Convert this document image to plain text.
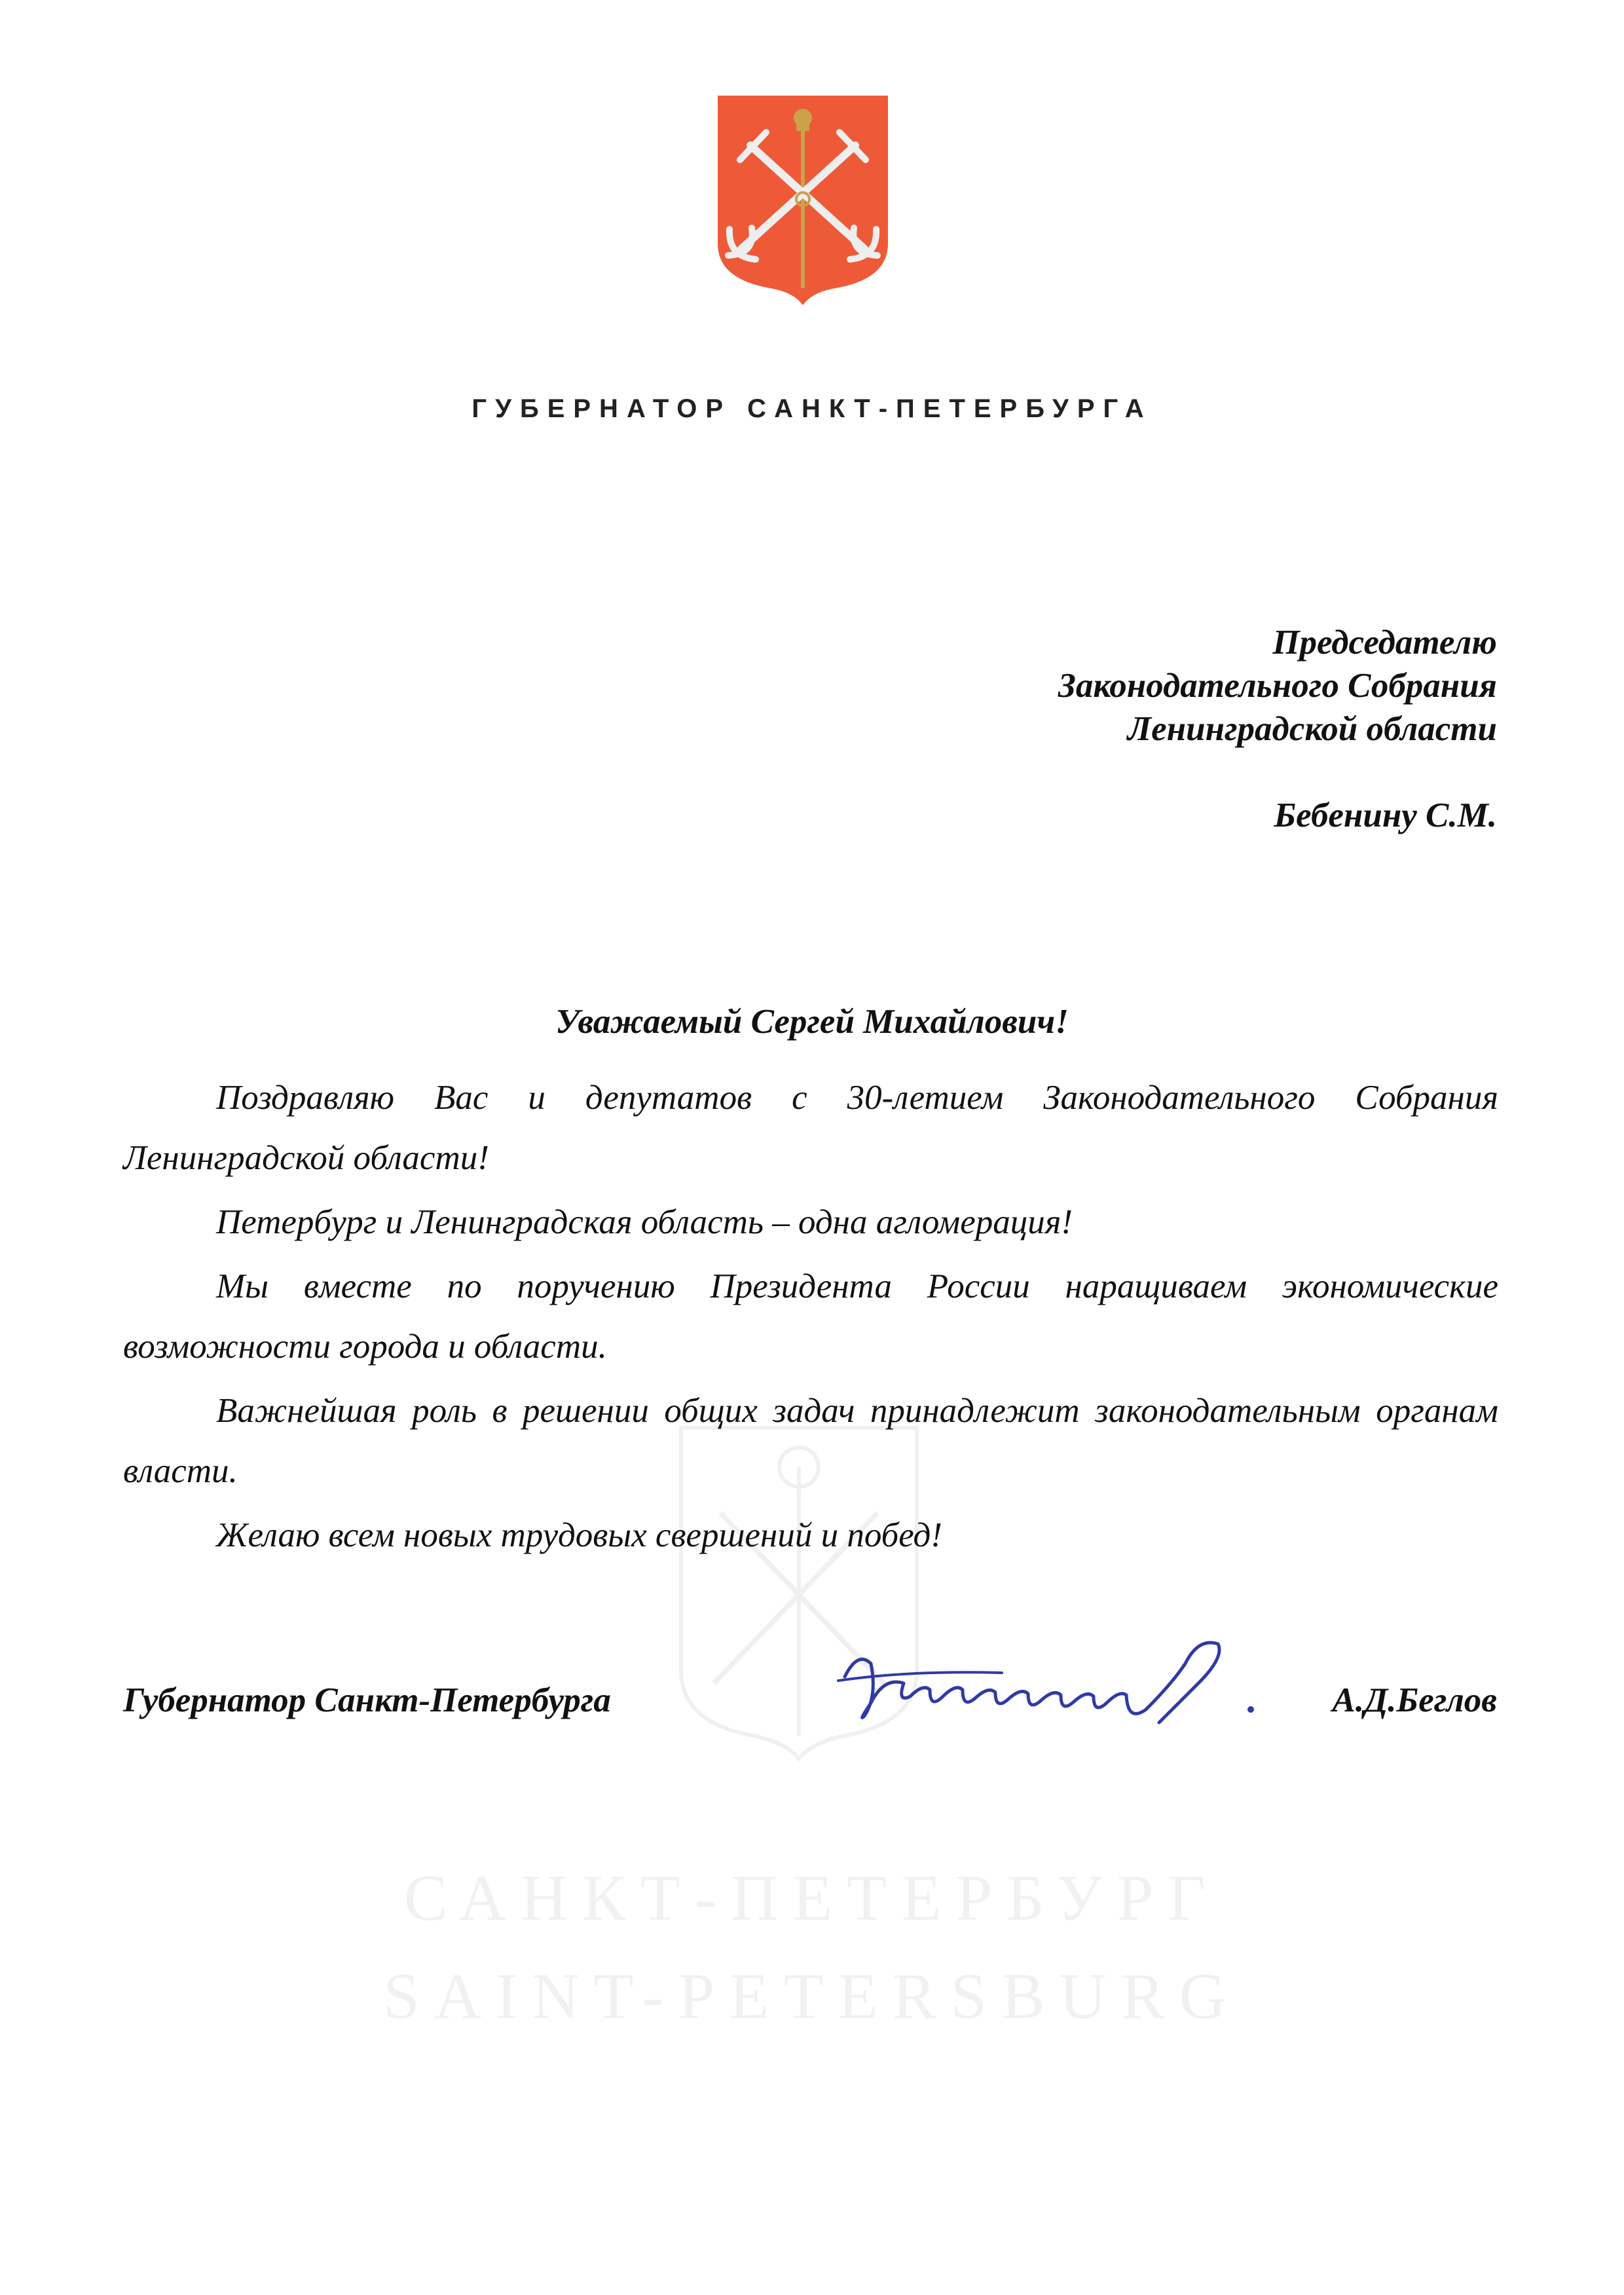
ГУБЕРНАТОР САНКТ-ПЕТЕРБУРГА
Председателю
Законодательного Собрания
Ленинградской области
Бебенину С.М.
САНКТ-ПЕТЕРБУРГ
SAINT-PETERSBURG
Уважаемый Сергей Михайлович!

Поздравляю Вас и депутатов с 30-летием Законодательного Собрания Ленинградской области!

Петербург и Ленинградская область – одна агломерация!

Мы вместе по поручению Президента России наращиваем экономические возможности города и области.

Важнейшая роль в решении общих задач принадлежит законодательным органам власти.

Желаю всем новых трудовых свершений и побед!

Губернатор Санкт-Петербурга	А.Д.Беглов
